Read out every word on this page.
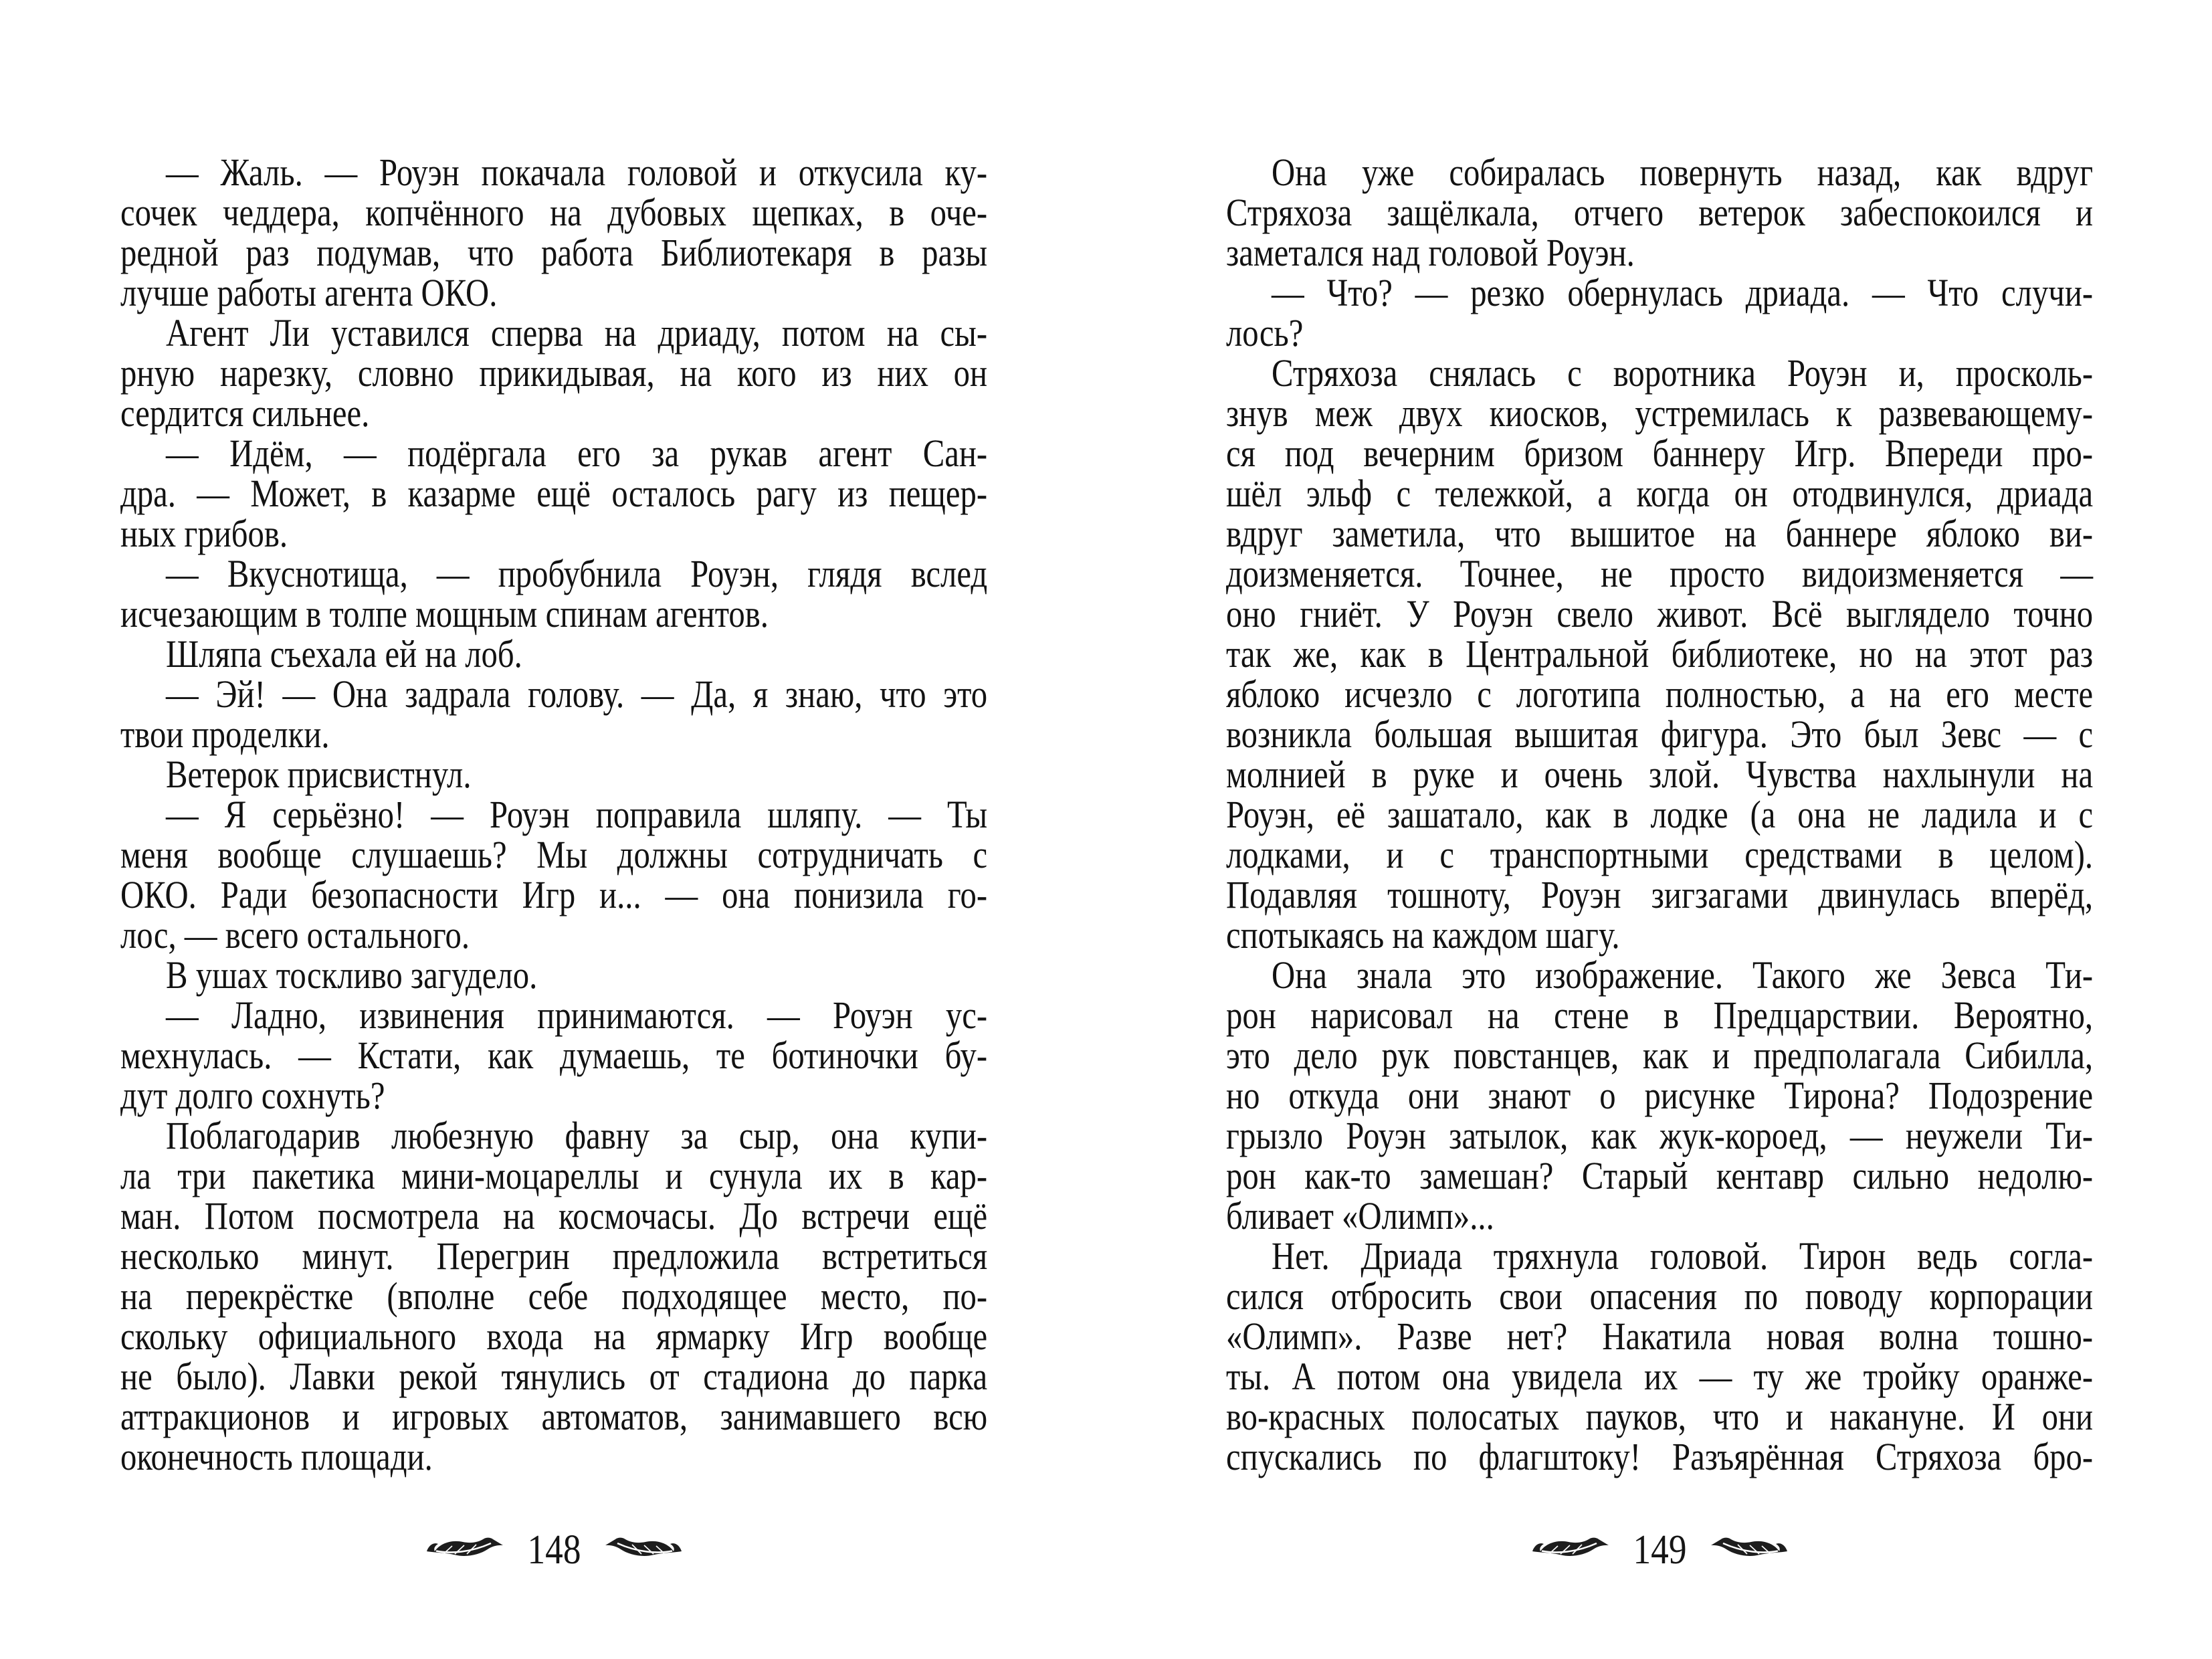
— Жаль. — Роуэн покачала головой и откусила ку-
сочек чеддера, копчённого на дубовых щепках, в оче-
редной раз подумав, что работа Библиотекаря в разы
лучше работы агента ОКО.
Агент Ли уставился сперва на дриаду, потом на сы-
рную нарезку, словно прикидывая, на кого из них он
сердится сильнее.
— Идём, — подёргала его за рукав агент Сан-
дра. — Может, в казарме ещё осталось рагу из пещер-
ных грибов.
— Вкуснотища, — пробубнила Роуэн, глядя вслед
исчезающим в толпе мощным спинам агентов.
Шляпа съехала ей на лоб.
— Эй! — Она задрала голову. — Да, я знаю, что это
твои проделки.
Ветерок присвистнул.
— Я серьёзно! — Роуэн поправила шляпу. — Ты
меня вообще слушаешь? Мы должны сотрудничать с
ОКО. Ради безопасности Игр и... — она понизила го-
лос, — всего остального.
В ушах тоскливо загудело.
— Ладно, извинения принимаются. — Роуэн ус-
мехнулась. — Кстати, как думаешь, те ботиночки бу-
дут долго сохнуть?
Поблагодарив любезную фавну за сыр, она купи-
ла три пакетика мини-моцареллы и сунула их в кар-
ман. Потом посмотрела на космочасы. До встречи ещё
несколько минут. Перегрин предложила встретиться
на перекрёстке (вполне себе подходящее место, по-
скольку официального входа на ярмарку Игр вообще
не было). Лавки рекой тянулись от стадиона до парка
аттракционов и игровых автоматов, занимавшего всю
оконечность площади.
148
Она уже собиралась повернуть назад, как вдруг
Стряхоза защёлкала, отчего ветерок забеспокоился и
заметался над головой Роуэн.
— Что? — резко обернулась дриада. — Что случи-
лось?
Стряхоза снялась с воротника Роуэн и, просколь-
знув меж двух киосков, устремилась к развевающему-
ся под вечерним бризом баннеру Игр. Впереди про-
шёл эльф с тележкой, а когда он отодвинулся, дриада
вдруг заметила, что вышитое на баннере яблоко ви-
доизменяется. Точнее, не просто видоизменяется —
оно гниёт. У Роуэн свело живот. Всё выглядело точно
так же, как в Центральной библиотеке, но на этот раз
яблоко исчезло с логотипа полностью, а на его месте
возникла большая вышитая фигура. Это был Зевс — с
молнией в руке и очень злой. Чувства нахлынули на
Роуэн, её зашатало, как в лодке (а она не ладила и с
лодками, и с транспортными средствами в целом).
Подавляя тошноту, Роуэн зигзагами двинулась вперёд,
спотыкаясь на каждом шагу.
Она знала это изображение. Такого же Зевса Ти-
рон нарисовал на стене в Предцарствии. Вероятно,
это дело рук повстанцев, как и предполагала Сибилла,
но откуда они знают о рисунке Тирона? Подозрение
грызло Роуэн затылок, как жук-короед, — неужели Ти-
рон как-то замешан? Старый кентавр сильно недолю-
бливает «Олимп»...
Нет. Дриада тряхнула головой. Тирон ведь согла-
сился отбросить свои опасения по поводу корпорации
«Олимп». Разве нет? Накатила новая волна тошно-
ты. А потом она увидела их — ту же тройку оранже-
во-красных полосатых пауков, что и накануне. И они
спускались по флагштоку! Разъярённая Стряхоза бро-
149
